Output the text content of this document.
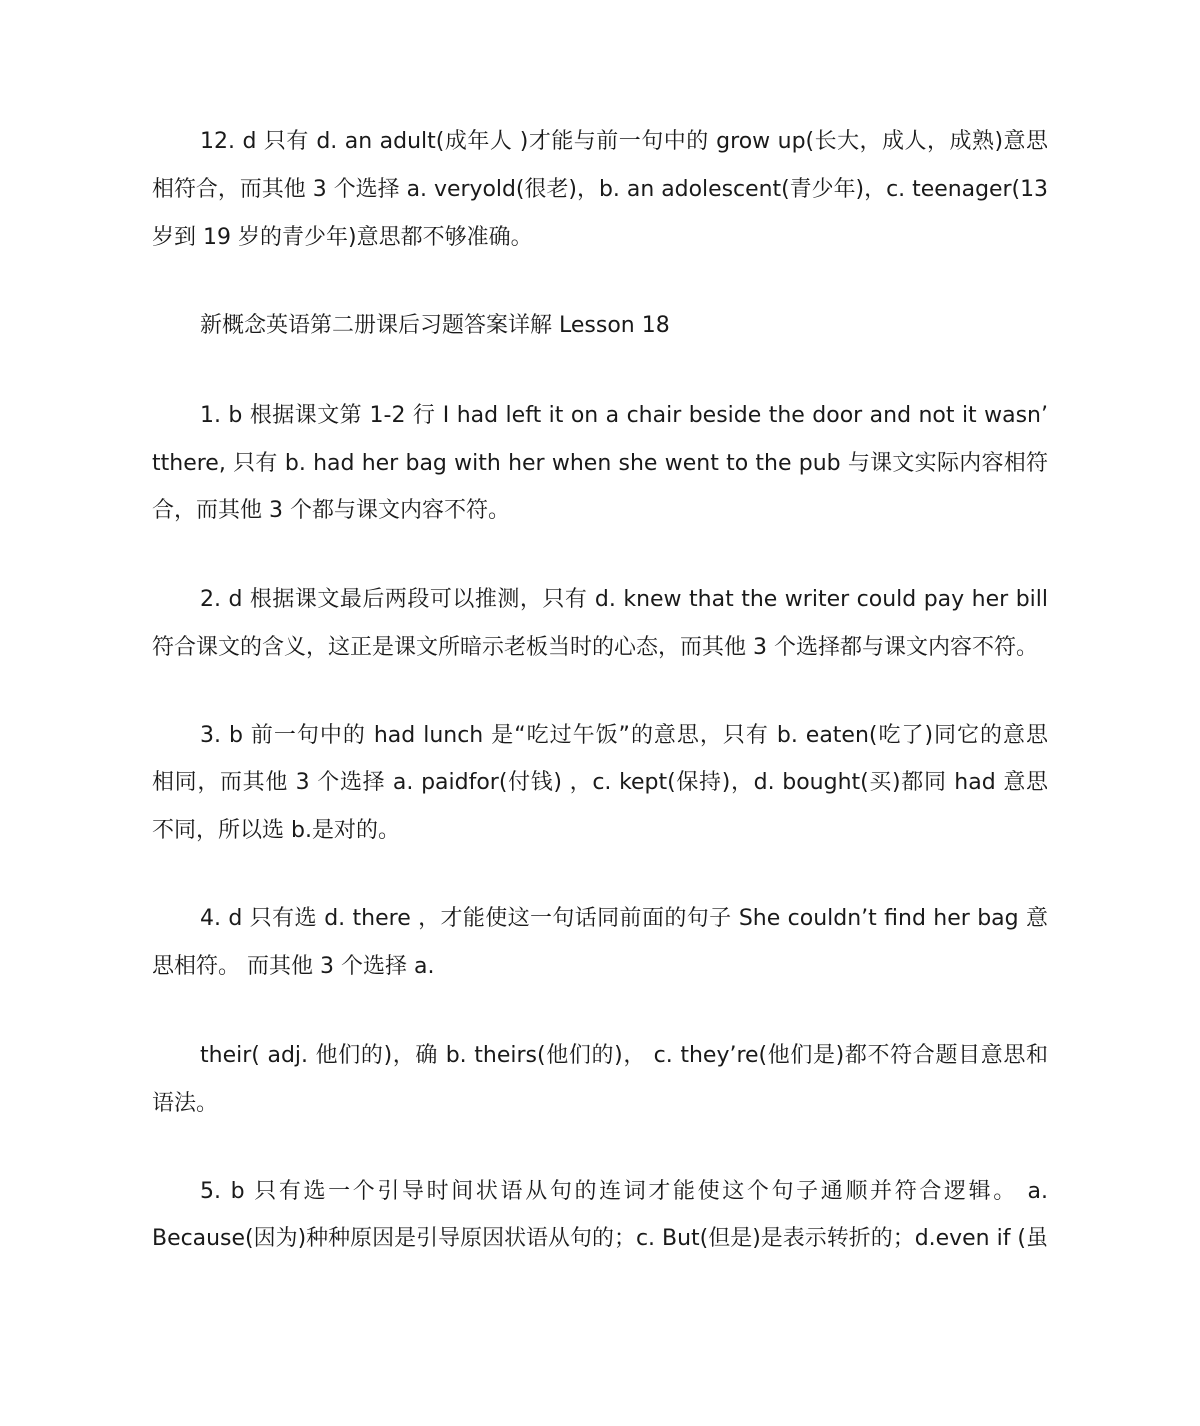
12. d 只有 d. an adult(成年人 )才能与前一句中的 grow up(长大，成人，成熟)意思
相符合，而其他 3 个选择 a. veryold(很老)，b. an adolescent(青少年)，c. teenager(13
岁到 19 岁的青少年)意思都不够准确。
新概念英语第二册课后习题答案详解 Lesson 18
1. b 根据课文第 1-2 行 I had left it on a chair beside the door and not it wasn’
tthere, 只有 b. had her bag with her when she went to the pub 与课文实际内容相符
合，而其他 3 个都与课文内容不符。
2. d 根据课文最后两段可以推测，只有 d. knew that the writer could pay her bill
符合课文的含义，这正是课文所暗示老板当时的心态，而其他 3 个选择都与课文内容不符。
3. b 前一句中的 had lunch 是“吃过午饭”的意思，只有 b. eaten(吃了)同它的意思
相同，而其他 3 个选择 a. paidfor(付钱) ，c. kept(保持)，d. bought(买)都同 had 意思
不同，所以选 b.是对的。
4. d 只有选 d. there ，才能使这一句话同前面的句子 She couldn’t find her bag 意
思相符。 而其他 3 个选择 a.
their( adj. 他们的)，确 b. theirs(他们的)， c. they’re(他们是)都不符合题目意思和
语法。
5. b 只有选一个引导时间状语从句的连词才能使这个句子通顺并符合逻辑。 a.
Because(因为)种种原因是引导原因状语从句的；c. But(但是)是表示转折的；d.even if (虽
